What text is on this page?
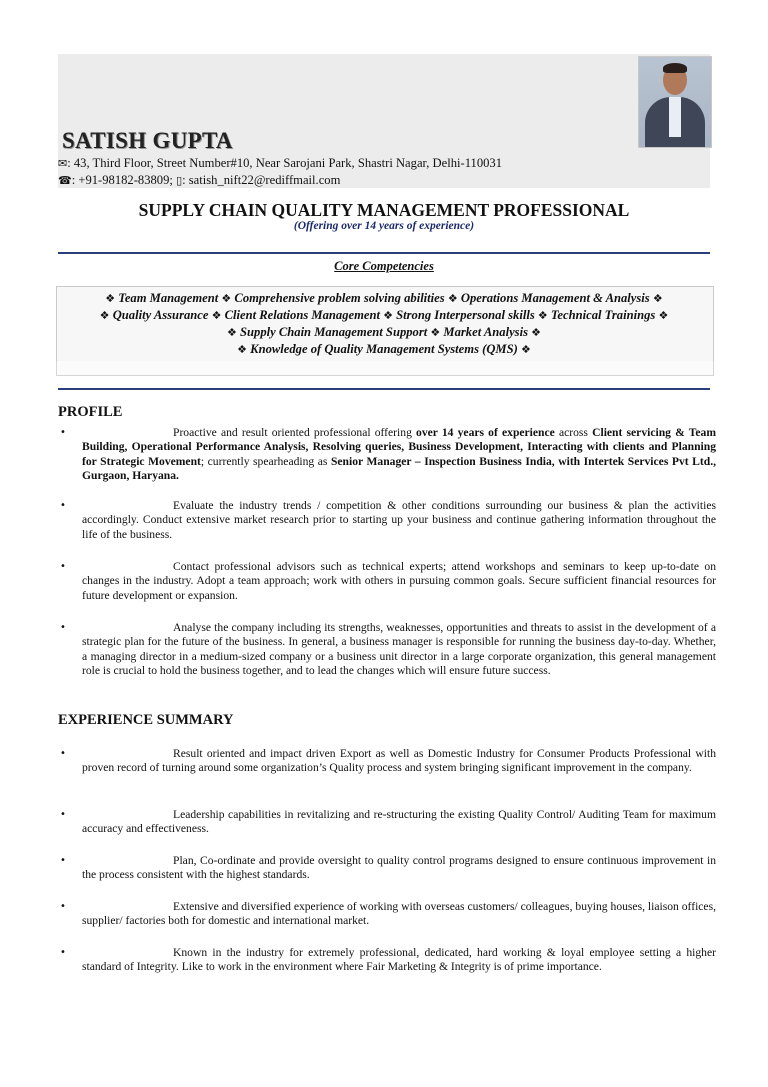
SATISH GUPTA
✉: 43, Third Floor, Street Number#10, Near Sarojani Park, Shastri Nagar, Delhi-110031
☎: +91-98182-83809; ▯: satish_nift22@rediffmail.com
SUPPLY CHAIN QUALITY MANAGEMENT PROFESSIONAL
(Offering over 14 years of experience)
Core Competencies
❖ Team Management ❖ Comprehensive problem solving abilities ❖ Operations Management & Analysis ❖
❖ Quality Assurance ❖ Client Relations Management ❖ Strong Interpersonal skills ❖ Technical Trainings ❖
❖ Supply Chain Management Support ❖ Market Analysis ❖
❖ Knowledge of Quality Management Systems (QMS) ❖
PROFILE
•	Proactive and result oriented professional offering over 14 years of experience across Client servicing & Team Building, Operational Performance Analysis, Resolving queries, Business Development, Interacting with clients and Planning for Strategic Movement; currently spearheading as Senior Manager – Inspection Business India, with Intertek Services Pvt Ltd., Gurgaon, Haryana.
•	Evaluate the industry trends / competition & other conditions surrounding our business & plan the activities accordingly. Conduct extensive market research prior to starting up your business and continue gathering information throughout the life of the business.
•	Contact professional advisors such as technical experts; attend workshops and seminars to keep up-to-date on changes in the industry. Adopt a team approach; work with others in pursuing common goals. Secure sufficient financial resources for future development or expansion.
•	Analyse the company including its strengths, weaknesses, opportunities and threats to assist in the development of a strategic plan for the future of the business. In general, a business manager is responsible for running the business day-to-day. Whether, a managing director in a medium-sized company or a business unit director in a large corporate organization, this general management role is crucial to hold the business together, and to lead the changes which will ensure future success.
EXPERIENCE SUMMARY
•	Result oriented and impact driven Export as well as Domestic Industry for Consumer Products Professional with proven record of turning around some organization’s Quality process and system bringing significant improvement in the company.
•	Leadership capabilities in revitalizing and re-structuring the existing Quality Control/ Auditing Team for maximum accuracy and effectiveness.
•	Plan, Co-ordinate and provide oversight to quality control programs designed to ensure continuous improvement in the process consistent with the highest standards.
•	Extensive and diversified experience of working with overseas customers/ colleagues, buying houses, liaison offices, supplier/ factories both for domestic and international market.
•	Known in the industry for extremely professional, dedicated, hard working & loyal employee setting a higher standard of Integrity. Like to work in the environment where Fair Marketing & Integrity is of prime importance.
